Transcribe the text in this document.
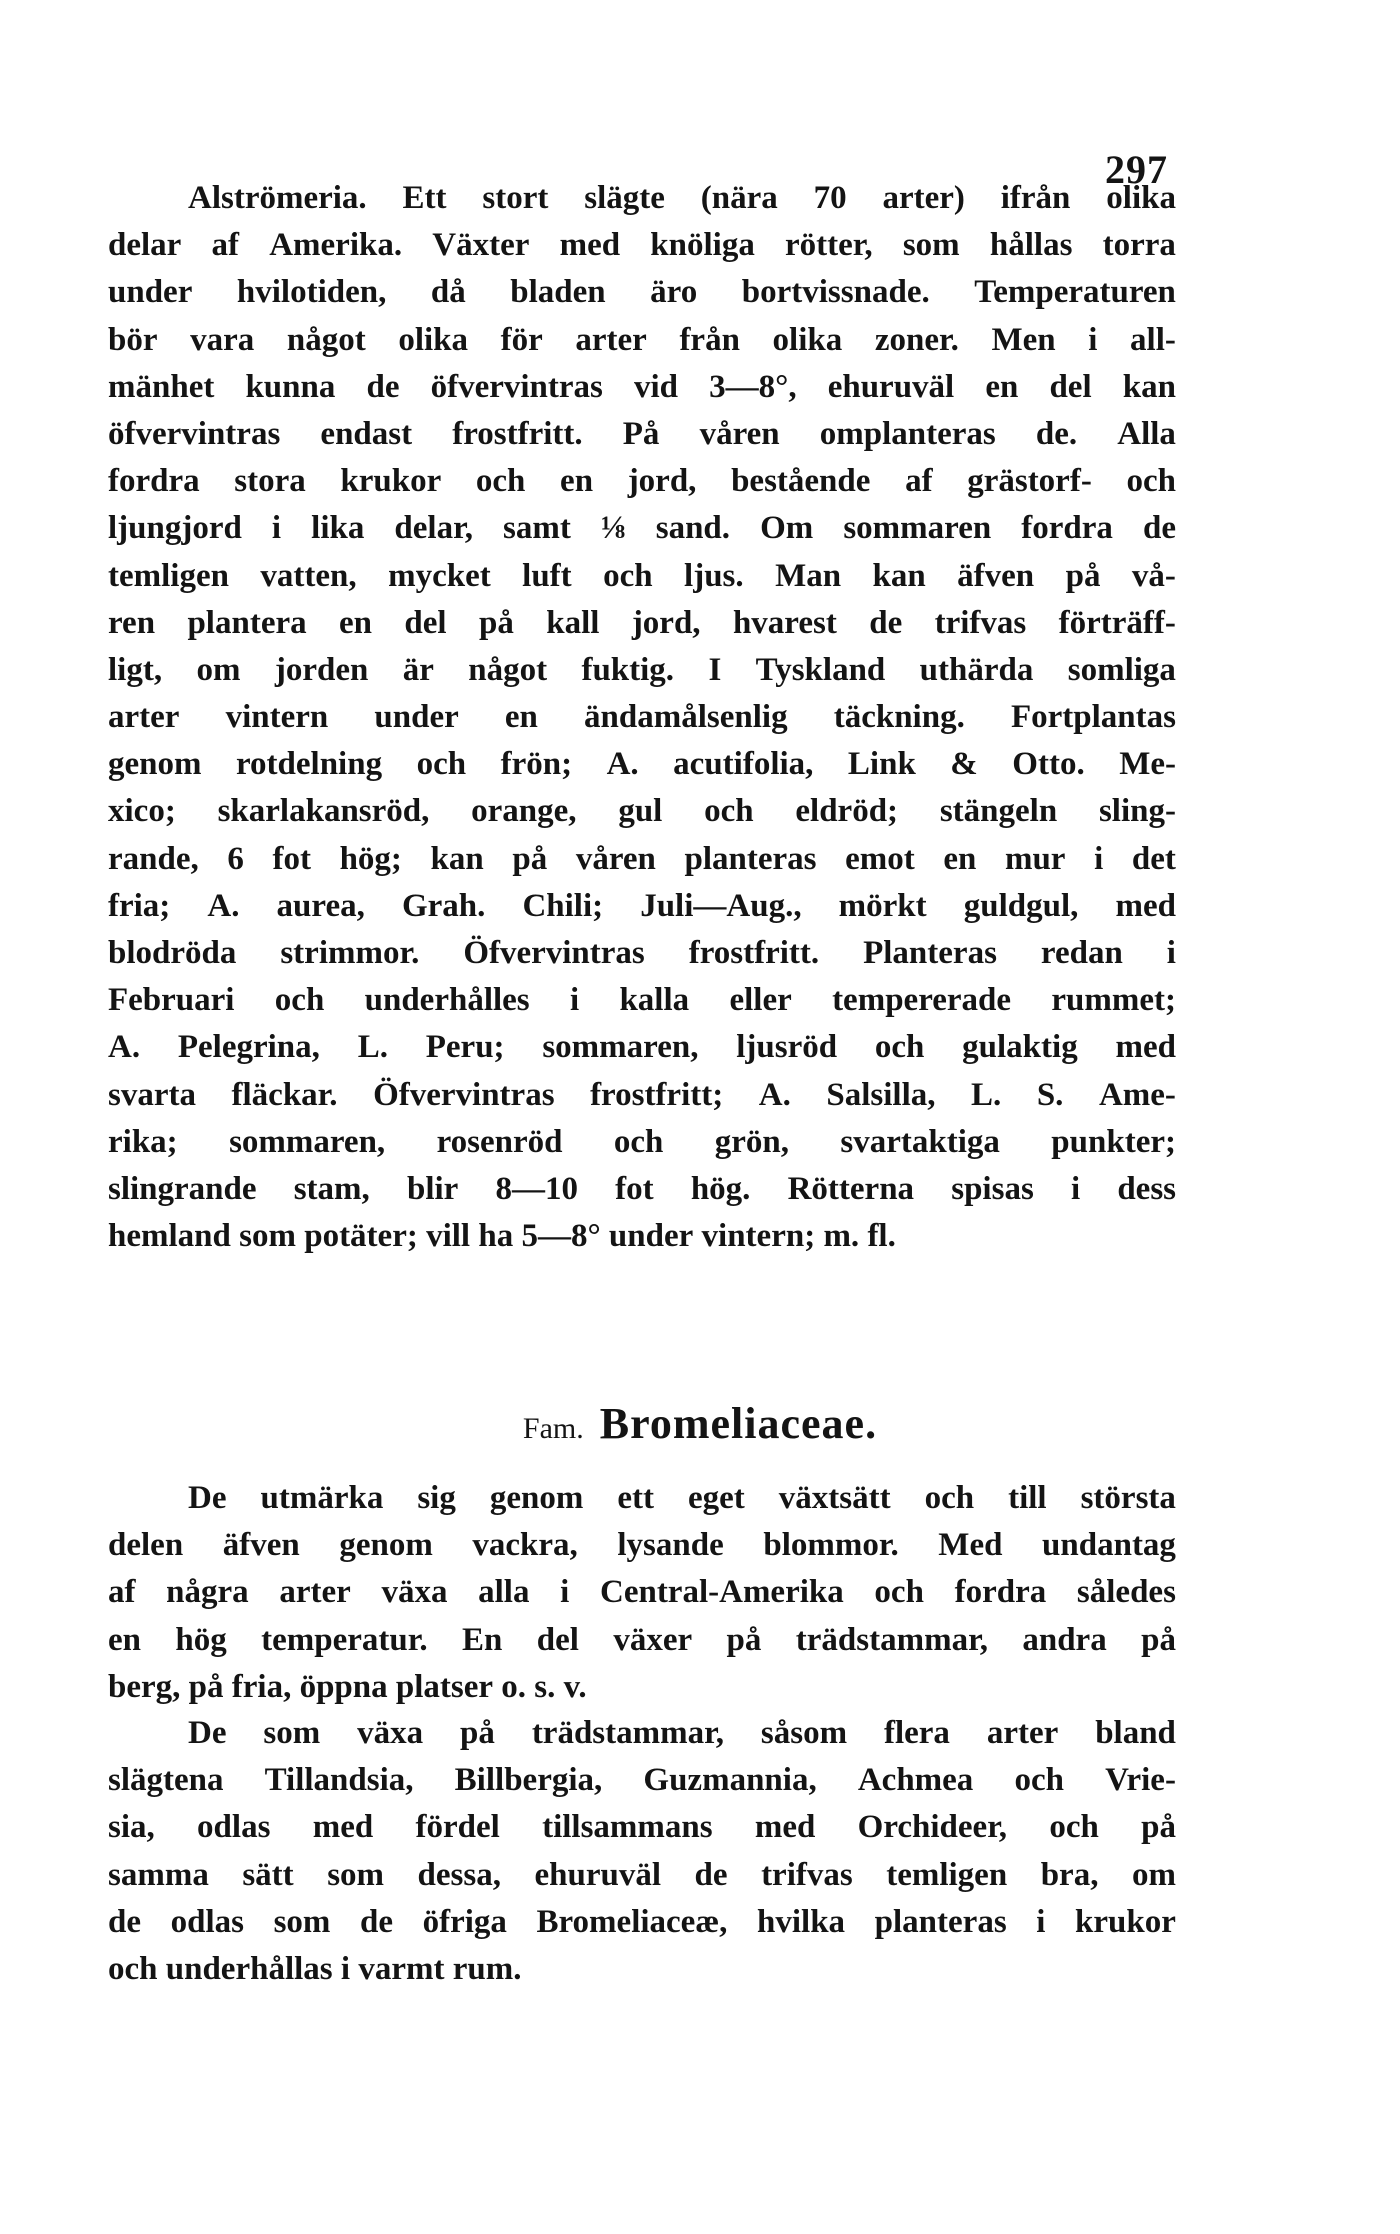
297
Alströmeria. Ett stort slägte (nära 70 arter) ifrån olika
delar af Amerika. Växter med knöliga rötter, som hållas torra
under hvilotiden, då bladen äro bortvissnade. Temperaturen
bör vara något olika för arter från olika zoner. Men i all-
mänhet kunna de öfvervintras vid 3—8°, ehuruväl en del kan
öfvervintras endast frostfritt. På våren omplanteras de. Alla
fordra stora krukor och en jord, bestående af grästorf- och
ljungjord i lika delar, samt ⅛ sand. Om sommaren fordra de
temligen vatten, mycket luft och ljus. Man kan äfven på vå-
ren plantera en del på kall jord, hvarest de trifvas förträff-
ligt, om jorden är något fuktig. I Tyskland uthärda somliga
arter vintern under en ändamålsenlig täckning. Fortplantas
genom rotdelning och frön; A. acutifolia, Link & Otto. Me-
xico; skarlakansröd, orange, gul och eldröd; stängeln sling-
rande, 6 fot hög; kan på våren planteras emot en mur i det
fria; A. aurea, Grah. Chili; Juli—Aug., mörkt guldgul, med
blodröda strimmor. Öfvervintras frostfritt. Planteras redan i
Februari och underhålles i kalla eller tempererade rummet;
A. Pelegrina, L. Peru; sommaren, ljusröd och gulaktig med
svarta fläckar. Öfvervintras frostfritt; A. Salsilla, L. S. Ame-
rika; sommaren, rosenröd och grön, svartaktiga punkter;
slingrande stam, blir 8—10 fot hög. Rötterna spisas i dess
hemland som potäter; vill ha 5—8° under vintern; m. fl.
Fam. Bromeliaceae.
De utmärka sig genom ett eget växtsätt och till största
delen äfven genom vackra, lysande blommor. Med undantag
af några arter växa alla i Central-Amerika och fordra således
en hög temperatur. En del växer på trädstammar, andra på
berg, på fria, öppna platser o. s. v.
De som växa på trädstammar, såsom flera arter bland
slägtena Tillandsia, Billbergia, Guzmannia, Achmea och Vrie-
sia, odlas med fördel tillsammans med Orchideer, och på
samma sätt som dessa, ehuruväl de trifvas temligen bra, om
de odlas som de öfriga Bromeliaceæ, hvilka planteras i krukor
och underhållas i varmt rum.
